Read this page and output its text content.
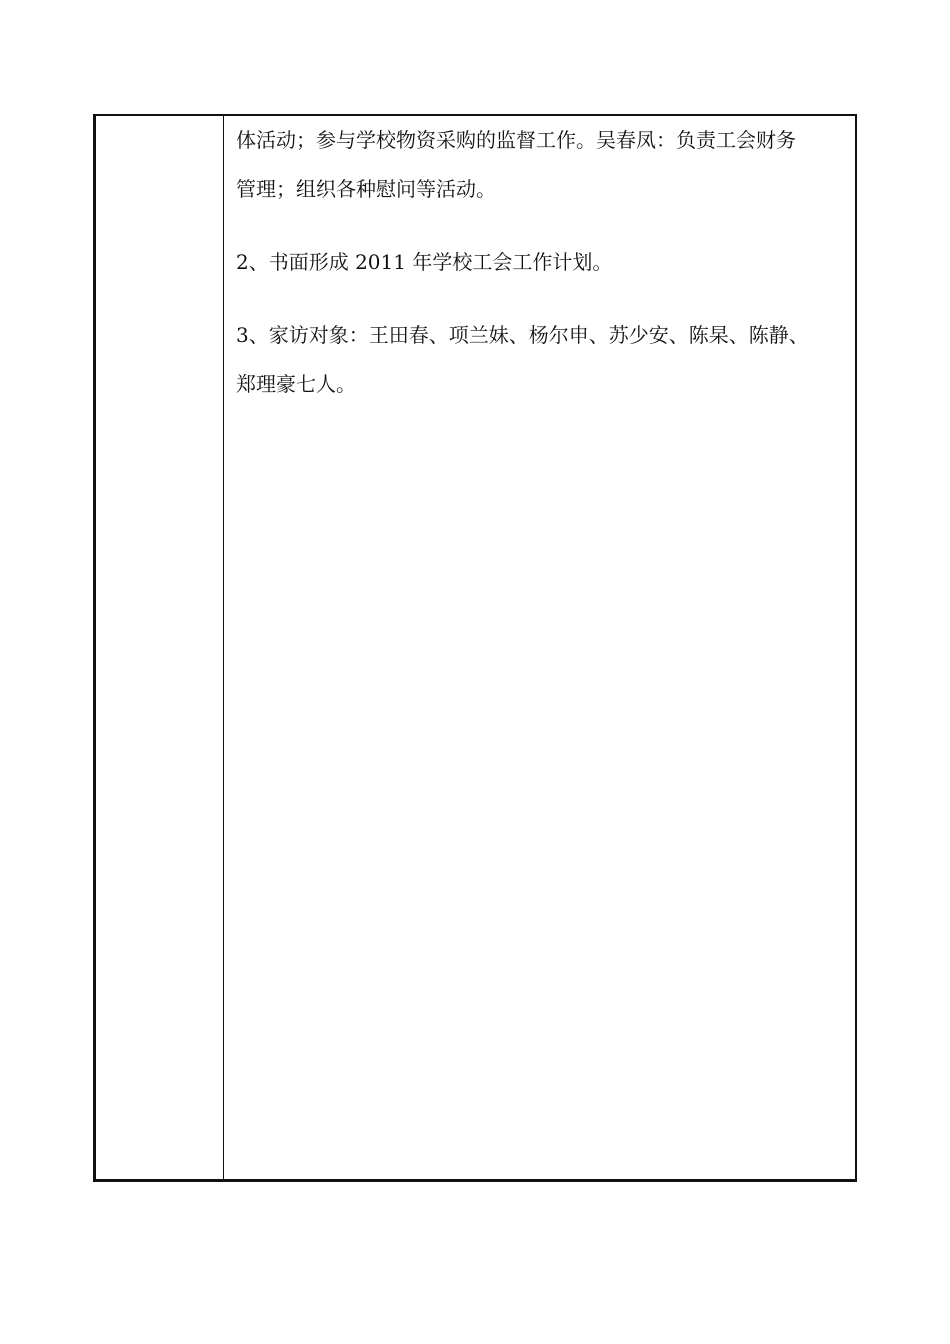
体活动；参与学校物资采购的监督工作。吴春凤：负责工会财务
管理；组织各种慰问等活动。
2、书面形成 2011 年学校工会工作计划。
3、家访对象：王田春、项兰妹、杨尔申、苏少安、陈杲、陈静、
郑理豪七人。
